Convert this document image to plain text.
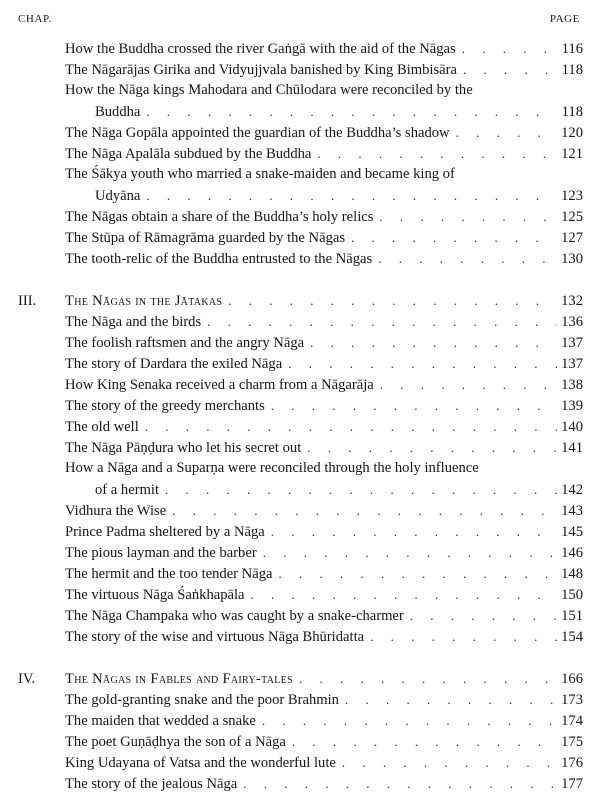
CHAP.	PAGE
How the Buddha crossed the river Gaṅgā with the aid of the Nāgas . . .	116
The Nāgarājas Girika and Vidyujjvala banished by King Bimbisāra . . .	118
How the Nāga kings Mahodara and Chūlodara were reconciled by the
Buddha . . .	118
The Nāga Gopāla appointed the guardian of the Buddha’s shadow . . .	120
The Nāga Apalāla subdued by the Buddha . . .	121
The Śākya youth who married a snake-maiden and became king of
Udyāna . . .	123
The Nāgas obtain a share of the Buddha’s holy relics . . .	125
The Stūpa of Rāmagrāma guarded by the Nāgas . . .	127
The tooth-relic of the Buddha entrusted to the Nāgas . . .	130
III. The Nāgas in the Jātakas . . .	132
The Nāga and the birds . . .	136
The foolish raftsmen and the angry Nāga . . .	137
The story of Dardara the exiled Nāga . . .	137
How King Senaka received a charm from a Nāgarāja . . .	138
The story of the greedy merchants . . .	139
The old well . . .	140
The Nāga Pāṇḍura who let his secret out . . .	141
How a Nāga and a Suparṇa were reconciled through the holy influence
of a hermit . . .	142
Vidhura the Wise . . .	143
Prince Padma sheltered by a Nāga . . .	145
The pious layman and the barber . . .	146
The hermit and the too tender Nāga . . .	148
The virtuous Nāga Śaṅkhapāla . . .	150
The Nāga Champaka who was caught by a snake-charmer . . .	151
The story of the wise and virtuous Nāga Bhūridatta . . .	154
IV. The Nāgas in Fables and Fairy-tales . . .	166
The gold-granting snake and the poor Brahmin . . .	173
The maiden that wedded a snake . . .	174
The poet Guṇāḍhya the son of a Nāga . . .	175
King Udayana of Vatsa and the wonderful lute . . .	176
The story of the jealous Nāga . . .	177
